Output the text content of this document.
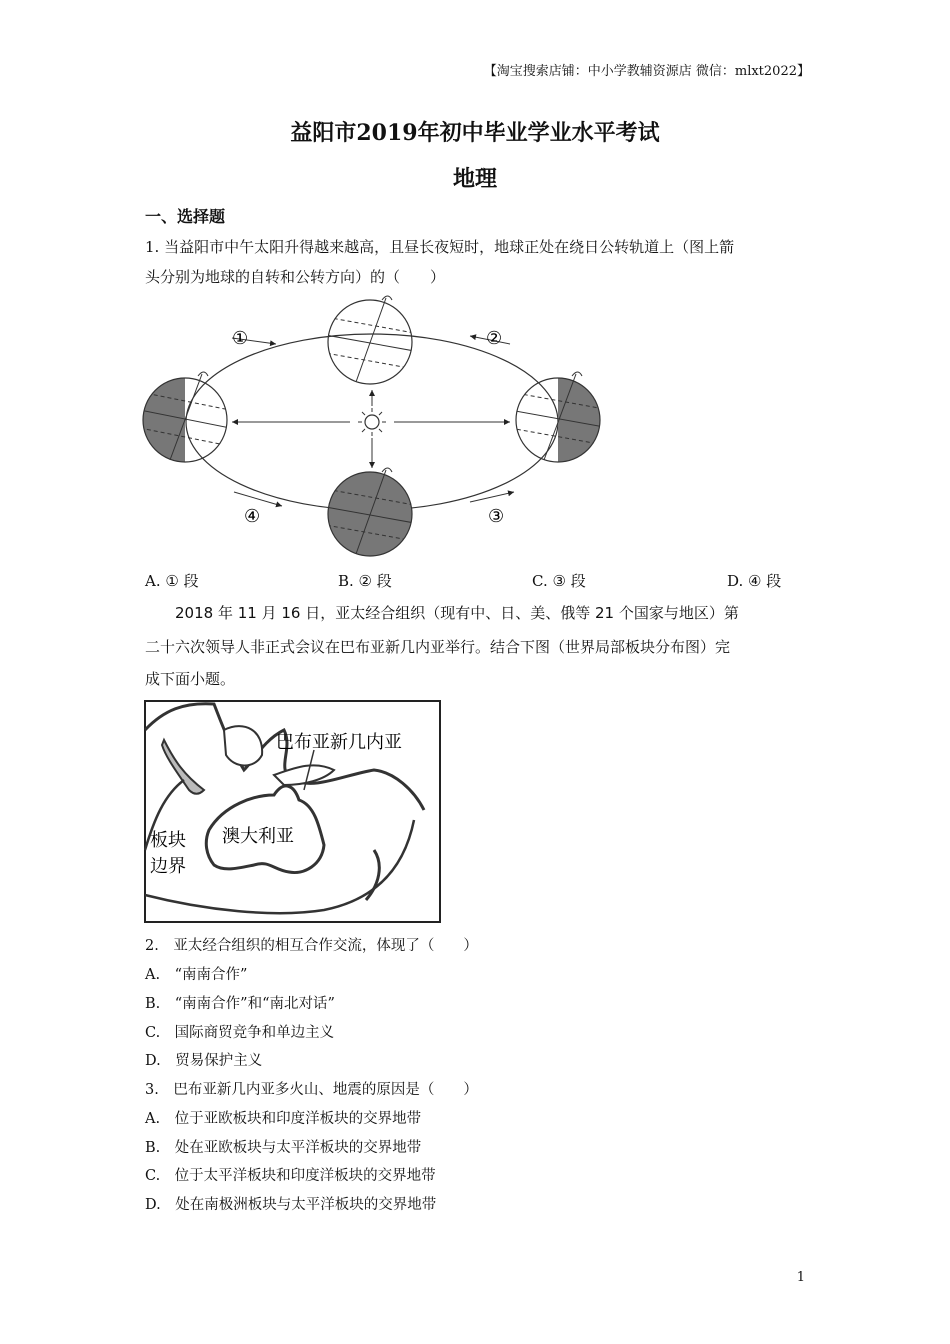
【淘宝搜索店铺：中小学教辅资源店 微信：mlxt2022】
益阳市2019年初中毕业学业水平考试
地理
一、选择题
1. 当益阳市中午太阳升得越来越高，且昼长夜短时，地球正处在绕日公转轨道上（图上箭
头分别为地球的自转和公转方向）的（　　）
①	②
③
④
A. ① 段	B. ② 段	C. ③ 段	D. ④ 段
2018 年 11 月 16 日，亚太经合组织（现有中、日、美、俄等 21 个国家与地区）第
二十六次领导人非正式会议在巴布亚新几内亚举行。结合下图（世界局部板块分布图）完
成下面小题。
巴布亚新几内亚
澳大利亚
板块
边界
2.　亚太经合组织的相互合作交流，体现了（　　）
A.　“南南合作”
B.　“南南合作”和“南北对话”
C.　国际商贸竞争和单边主义
D.　贸易保护主义
3.　巴布亚新几内亚多火山、地震的原因是（　　）
A.　位于亚欧板块和印度洋板块的交界地带
B.　处在亚欧板块与太平洋板块的交界地带
C.　位于太平洋板块和印度洋板块的交界地带
D.　处在南极洲板块与太平洋板块的交界地带
1
